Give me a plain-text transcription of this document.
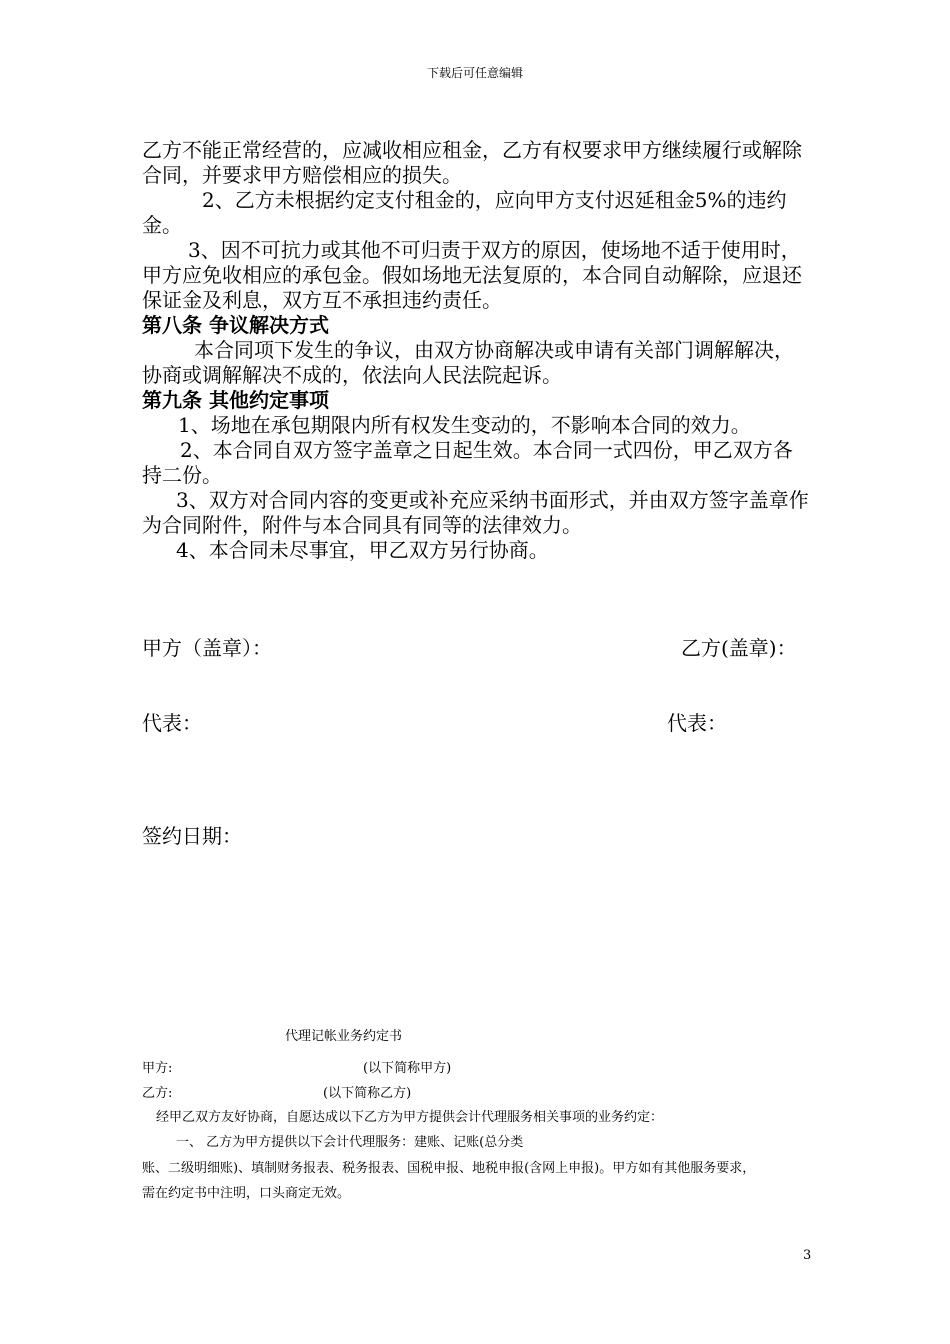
下载后可任意编辑

乙方不能正常经营的，应减收相应租金，乙方有权要求甲方继续履行或解除合同，并要求甲方赔偿相应的损失。

2、乙方未根据约定支付租金的，应向甲方支付迟延租金5%的违约金。

3、因不可抗力或其他不可归责于双方的原因，使场地不适于使用时，甲方应免收相应的承包金。假如场地无法复原的，本合同自动解除，应退还保证金及利息，双方互不承担违约责任。

第八条 争议解决方式

本合同项下发生的争议，由双方协商解决或申请有关部门调解解决，协商或调解解决不成的，依法向人民法院起诉。

第九条 其他约定事项

1、场地在承包期限内所有权发生变动的，不影响本合同的效力。

2、本合同自双方签字盖章之日起生效。本合同一式四份，甲乙双方各持二份。

3、双方对合同内容的变更或补充应采纳书面形式，并由双方签字盖章作为合同附件，附件与本合同具有同等的法律效力。

4、本合同未尽事宜，甲乙双方另行协商。

甲方（盖章）：	乙方(盖章)：
代表：	代表：
签约日期：
代理记帐业务约定书
甲方:	(以下简称甲方)
乙方:	(以下简称乙方)
经甲乙双方友好协商，自愿达成以下乙方为甲方提供会计代理服务相关事项的业务约定：
一、 乙方为甲方提供以下会计代理服务：建账、记账(总分类
账、二级明细账)、填制财务报表、税务报表、国税申报、地税申报(含网上申报)。甲方如有其他服务要求，
需在约定书中注明，口头商定无效。
3
